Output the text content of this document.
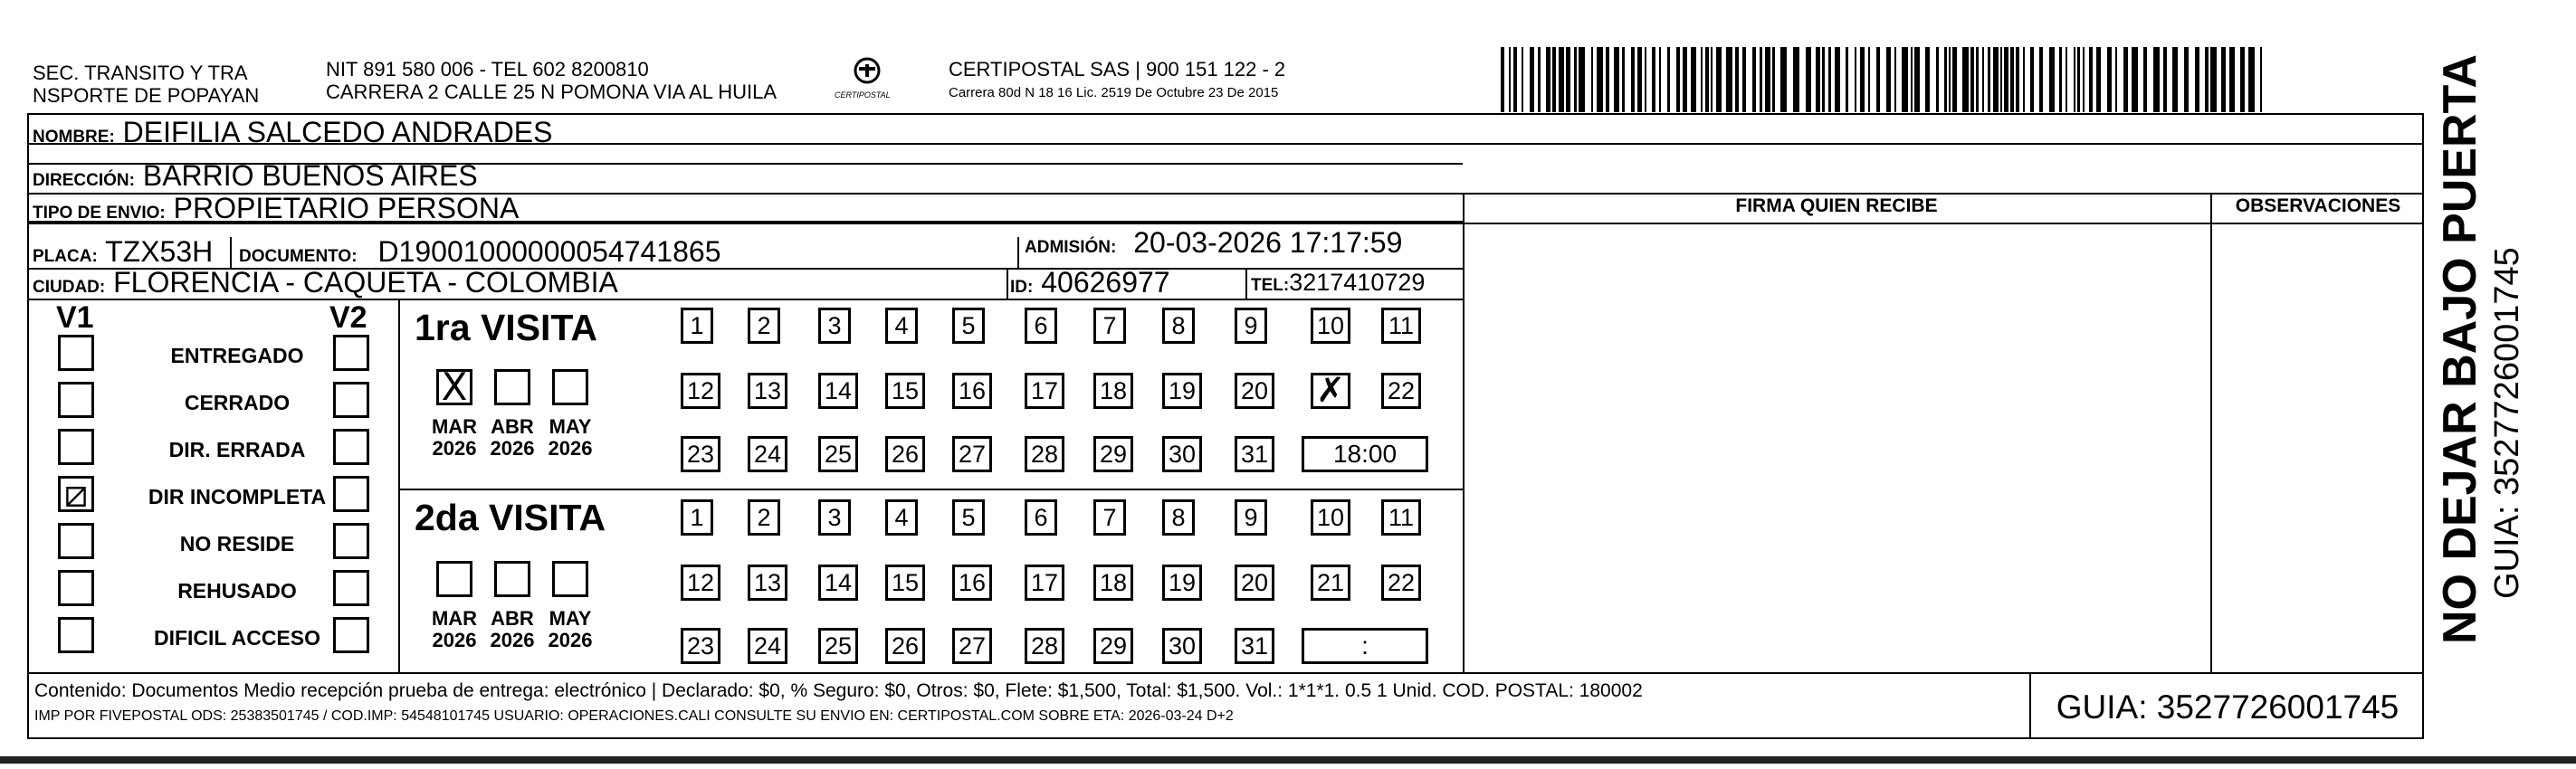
SEC. TRANSITO Y TRA
NSPORTE DE POPAYAN
NIT 891 580 006 - TEL 602 8200810
CARRERA 2 CALLE 25 N POMONA VIA AL HUILA	CERTIPOSTAL
CERTIPOSTAL SAS | 900 151 122 - 2
Carrera 80d N 18 16 Lic. 2519 De Octubre 23 De 2015
NOMBRE: DEIFILIA SALCEDO ANDRADES
DIRECCIÓN: BARRIO BUENOS AIRES
TIPO DE ENVIO: PROPIETARIO PERSONA
PLACA: TZX53H DOCUMENTO: D19001000000054741865	ADMISIÓN: 20-03-2026 17:17:59
CIUDAD: FLORENCIA - CAQUETA - COLOMBIA	ID: 40626977	TEL:3217410729
FIRMA QUIEN RECIBE	OBSERVACIONES
V1	V2
ENTREGADO
CERRADO
DIR. ERRADA
⧄	DIR INCOMPLETA
NO RESIDE
REHUSADO
DIFICIL ACCESO
1ra VISITA
X
MAR
2026
ABR
2026
MAY
2026
1	2	3	4	5	6	7	8	9	10 11
12 13 14 15 16 17 18 19 20 ✗ 22
23 24 25 26 27 28 29 30 31	18:00
2da VISITA
MAR
2026
ABR
2026
MAY
2026
1	2	3	4	5	6	7	8	9	10 11
12 13 14 15 16 17 18 19 20 21 22
23 24 25 26 27 28 29 30 31	:
Contenido: Documentos Medio recepción prueba de entrega: electrónico | Declarado: $0, % Seguro: $0, Otros: $0, Flete: $1,500, Total: $1,500. Vol.: 1*1*1. 0.5 1 Unid. COD. POSTAL: 180002
IMP POR FIVEPOSTAL ODS: 25383501745 / COD.IMP: 54548101745 USUARIO: OPERACIONES.CALI CONSULTE SU ENVIO EN: CERTIPOSTAL.COM SOBRE ETA: 2026-03-24 D+2	GUIA: 3527726001745
NO DEJAR BAJO PUERTA GUIA: 3527726001745
